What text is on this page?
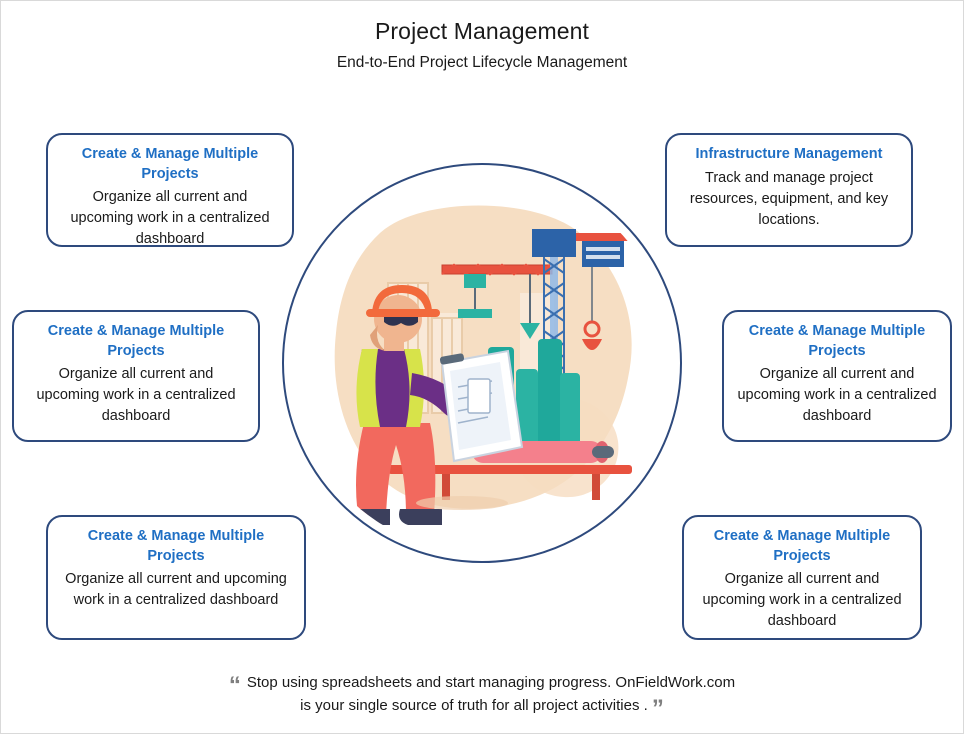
Project Management
End-to-End Project Lifecycle Management
Create & Manage Multiple Projects
Organize all current and upcoming work in a centralized dashboard
Create & Manage Multiple Projects
Organize all current and upcoming work in a centralized dashboard
Create & Manage Multiple Projects
Organize all current and upcoming work in a centralized dashboard
Infrastructure Management
Track and manage project resources, equipment, and key locations.
Create & Manage Multiple Projects
Organize all current and upcoming work in a centralized dashboard
Create & Manage Multiple Projects
Organize all current and upcoming work in a centralized dashboard
“ Stop using spreadsheets and start managing progress. OnFieldWork.com
is your single source of truth for all project activities . ”
